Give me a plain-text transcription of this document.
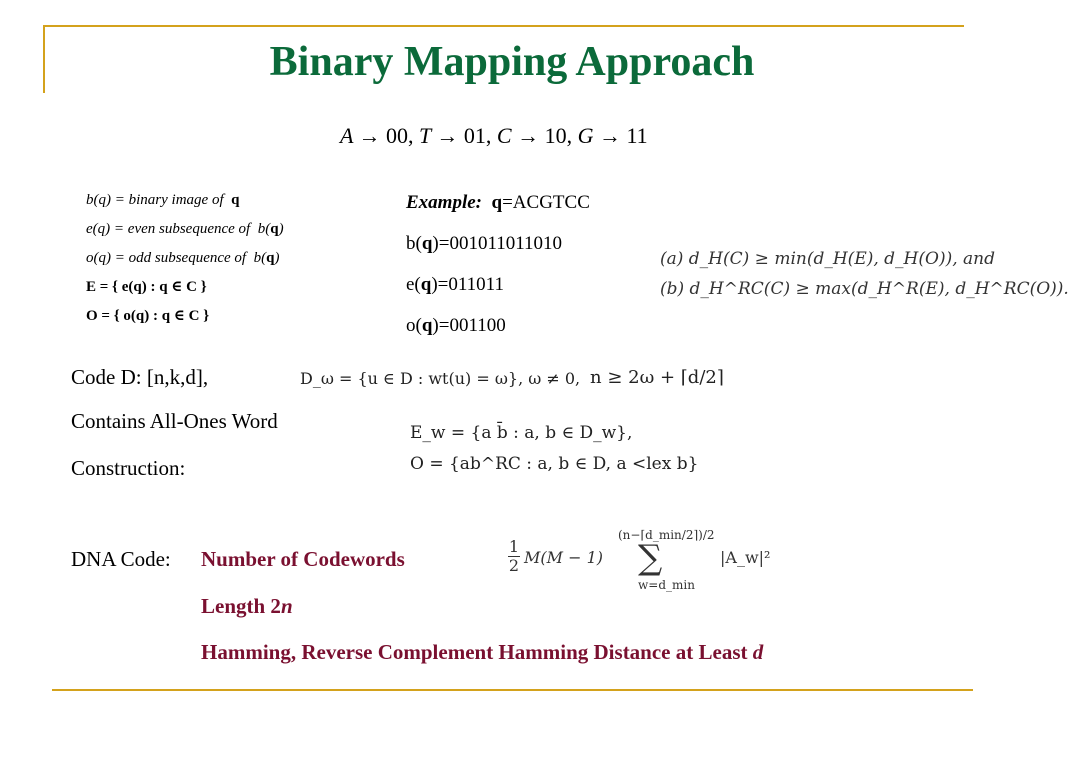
Binary Mapping Approach
A → 00, T → 01, C → 10, G → 11
b(q) = binary image of q
e(q) = even subsequence of  b(q)
o(q) = odd subsequence of  b(q)
E = { e(q) : q ∈ C }
O = { o(q) : q ∈ C }
Example: q=ACGTCC
b(q)=001011011010
e(q)=011011
o(q)=001100
(a) d_H(C) ≥ min(d_H(E), d_H(O)), and
(b) d_H^RC(C) ≥ max(d_H^R(E), d_H^RC(O)).
Code D: [n,k,d],	D_ω = {u ∈ D : wt(u) = ω}, ω ≠ 0, n ≥ 2ω + ⌈d/2⌉
Contains All-Ones Word	E_w = {a b̄ : a, b ∈ D_w},
Construction:	O = {ab^RC : a, b ∈ D, a <lex b}
DNA Code: Number of Codewords
Length 2n
Hamming, Reverse Complement Hamming Distance at Least d
1
2 M(M − 1)
(n−⌈d_min/2⌉)/2
∑
w=d_min
|A_w|²
